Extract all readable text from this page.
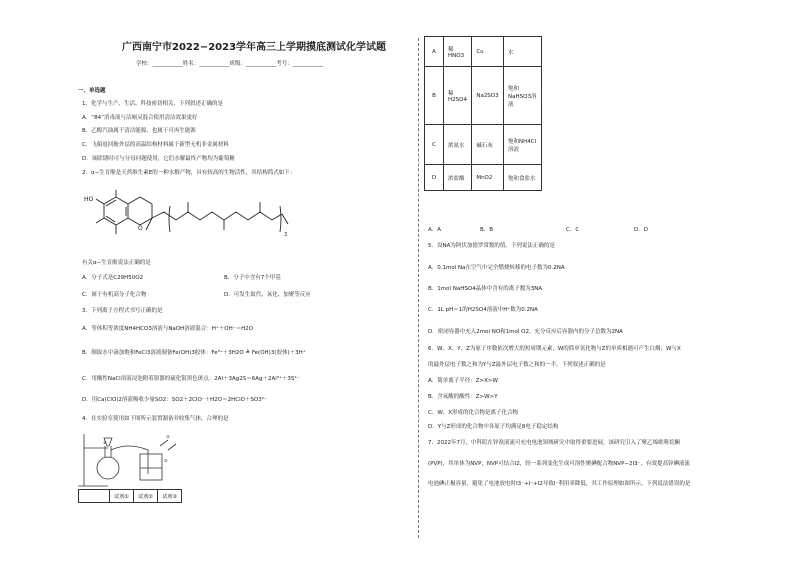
广西南宁市2022−2023学年高三上学期摸底测试化学试题
学校：___________姓名：___________班级：___________考号：___________
一、单选题
1．化学与生产、生活、科技密切相关，下列叙述正确的是
A．“84”消毒液与洁厕灵混合使用清洁效果更好
B．乙醇汽油属于清洁能源，也属于可再生能源
C．飞船返回舱外层的高温结构材料属于新型无机非金属材料
D．该除锈时可与分母问题使用，它们水解最终产物均为葡萄糖
2．α−生育酚是天然维生素E的一种水解产物，具有较高的生物活性，其结构简式如下：
HO
O
3
有关α−生育酚说法正确的是
A．分子式是C29H50O2	B．分子中含有7个甲基
C．属于有机高分子化合物	D．可发生取代、氧化、加聚等反应
3．下列离子方程式书写正确的是
A．等体积等浓度NH4HCO3溶液与NaOH溶液混合：H⁺＋OH⁻＝H2O
B．制取水中滴加饱和FeCl3溶液制备Fe(OH)3胶体：Fe³⁺＋3H2O ≜ Fe(OH)3(胶体)＋3H⁺
C．用酸性NaCl溶液浸泡附着银器的硫化银黑色斑点：2Al＋3Ag2S＝6Ag＋2Al³⁺＋3S²⁻
D．用Ca(ClO)2溶液吸收少量SO2：SO2＋2ClO⁻＋H2O＝2HClO＋SO3²⁻
4．在实验室使用如下图所示装置制备并收集气体，合理的是
①
③
②
	试剂①	试剂②	试剂③
A	稀
HNO3	Cu	水
B	稀
H2SO4	Na2SO3	饱和
NaHSO3溶
液
C	浓氨水	碱石灰	饱和NH4Cl
溶液
D	浓盐酸	MnO2	饱和食盐水
A．A	B．B	C．C	D．D
5．设NA为阿伏加德罗常数的值。下列说法正确的是
A．0.1mol Na在空气中完全燃烧转移的电子数为0.2NA
B．1mol NaHSO4晶体中含有的离子数为3NA
C．1L pH＝1的H2SO4溶液中H⁺数为0.2NA
D．密闭容器中充入2mol NO和1mol O2，充分反应后容器内的分子总数为2NA
6．W、X、Y、Z为原子序数依次增大的短周期元素，W的简单氢化物与Z的单质相遇可产生白烟；W与X
的最外层电子数之和为Y与Z最外层电子数之和的一半。下列叙述正确的是
A．简单离子半径：Z>X>W
B．含氧酸的酸性：Z>W>Y
C．W、X形成的化合物是离子化合物
D．Y与Z形成的化合物中各原子均满足8电子稳定结构
7．2022年7月，中科院在锌溴液流可充电电池领域研究中取得重要进展。该研究引入了聚乙烯吡咯烷酮
(PVP)，其单体为NVP，NVP可结合I2，经一系列变化生成可溶性聚碘配合物NVP−2I3⁻，有效提高锌碘液流
电池碘正极容量，避免了电池放电时I3⁻+I⁻+I2导致I⁻利用率降低，其工作原理如图所示。下列说法错误的是
